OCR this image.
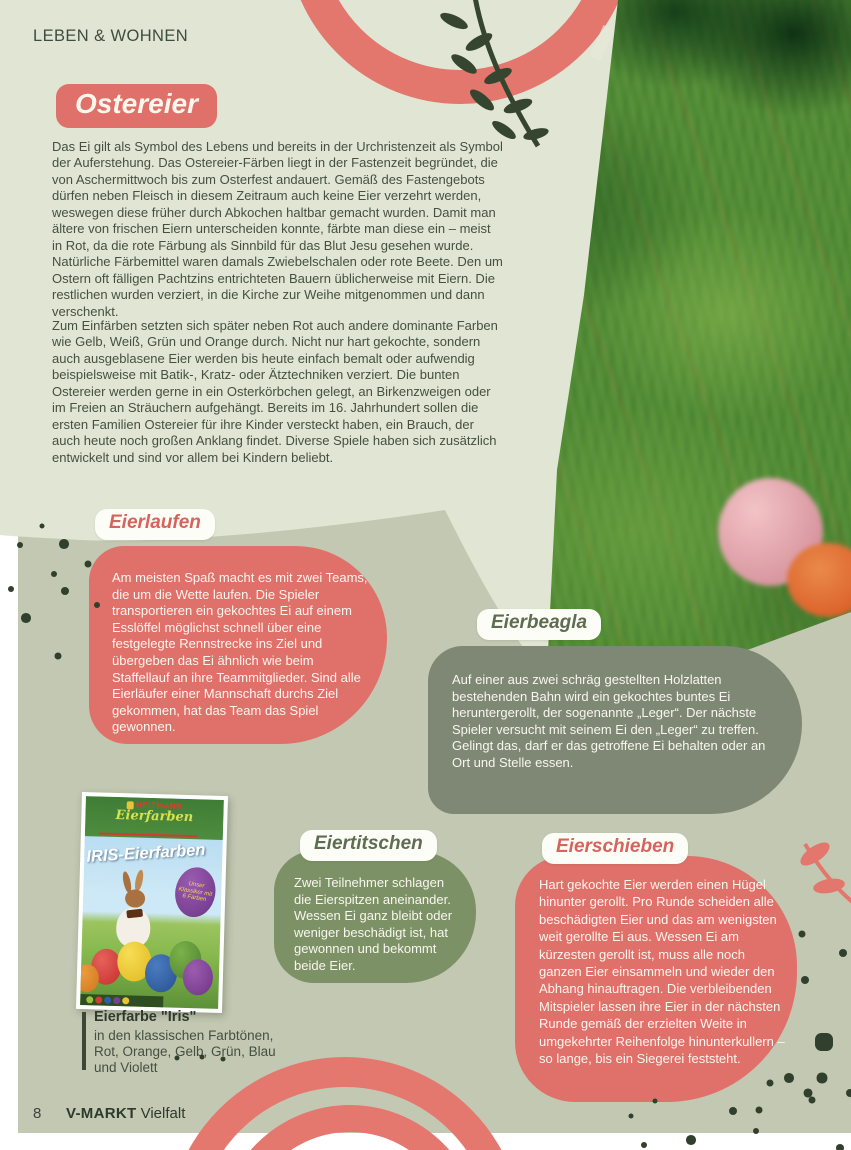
LEBEN & WOHNEN
Ostereier
Das Ei gilt als Symbol des Lebens und bereits in der Urchristenzeit als Symbol der Auferstehung. Das Ostereier-Färben liegt in der Fastenzeit begründet, die von Aschermittwoch bis zum Osterfest andauert. Gemäß des Fastengebots dürfen neben Fleisch in diesem Zeitraum auch keine Eier verzehrt werden, weswegen diese früher durch Abkochen haltbar gemacht wurden. Damit man ältere von frischen Eiern unterscheiden konnte, färbte man diese ein – meist in Rot, da die rote Färbung als Sinnbild für das Blut Jesu gesehen wurde. Natürliche Färbemittel waren damals Zwiebelschalen oder rote Beete. Den um Ostern oft fälligen Pachtzins entrichteten Bauern üblicherweise mit Eiern. Die restlichen wurden verziert, in die Kirche zur Weihe mitgenommen und dann verschenkt.
Zum Einfärben setzten sich später neben Rot auch andere dominante Farben wie Gelb, Weiß, Grün und Orange durch. Nicht nur hart gekochte, sondern auch ausgeblasene Eier werden bis heute einfach bemalt oder aufwendig beispielsweise mit Batik-, Kratz- oder Ätztechniken verziert. Die bunten Ostereier werden gerne in ein Osterkörbchen gelegt, an Birkenzweigen oder im Freien an Sträuchern aufgehängt. Bereits im 16. Jahrhundert sollen die ersten Familien Ostereier für ihre Kinder versteckt haben, ein Brauch, der auch heute noch großen Anklang findet. Diverse Spiele haben sich zusätzlich entwickelt und sind vor allem bei Kindern beliebt.
Am meisten Spaß macht es mit zwei Teams, die um die Wette laufen. Die Spieler transportieren ein gekochtes Ei auf einem Esslöffel möglichst schnell über eine festgelegte Rennstrecke ins Ziel und übergeben das Ei ähnlich wie beim Staffellauf an ihre Teammitglieder. Sind alle Eierläufer einer Mannschaft durchs Ziel gekommen, hat das Team das Spiel gewonnen.
Eierlaufen
Auf einer aus zwei schräg gestellten Holzlatten bestehenden Bahn wird ein gekochtes buntes Ei heruntergerollt, der sogenannte „Leger“. Der nächste Spieler versucht mit seinem Ei den „Leger“ zu treffen. Gelingt das, darf er das getroffene Ei behalten oder an Ort und Stelle essen.
Eierbeagla
Zwei Teilnehmer schlagen die Eierspitzen aneinander. Wessen Ei ganz bleibt oder weniger beschädigt ist, hat gewonnen und bekommt beide Eier.
Eiertitschen
Hart gekochte Eier werden einen Hügel hinunter gerollt. Pro Runde scheiden alle beschädigten Eier und das am wenigsten weit gerollte Ei aus. Wessen Ei am kürzesten gerollt ist, muss alle noch ganzen Eier einsammeln und wieder den Abhang hinauftragen. Die verbleibenden Mitspieler lassen ihre Eier in der nächsten Runde gemäß der erzielten Weite in umgekehrter Reihenfolge hinunterkullern – so lange, bis ein Siegerei feststeht.
Eierschieben
HEITMANN
Eierfarben
IRIS-Eierfarben
Unser Klassiker mit 6 Farben
Eierfarbe "Iris"
in den klassischen Farbtönen, Rot, Orange, Gelb, Grün, Blau und Violett
8 V-MARKT Vielfalt
